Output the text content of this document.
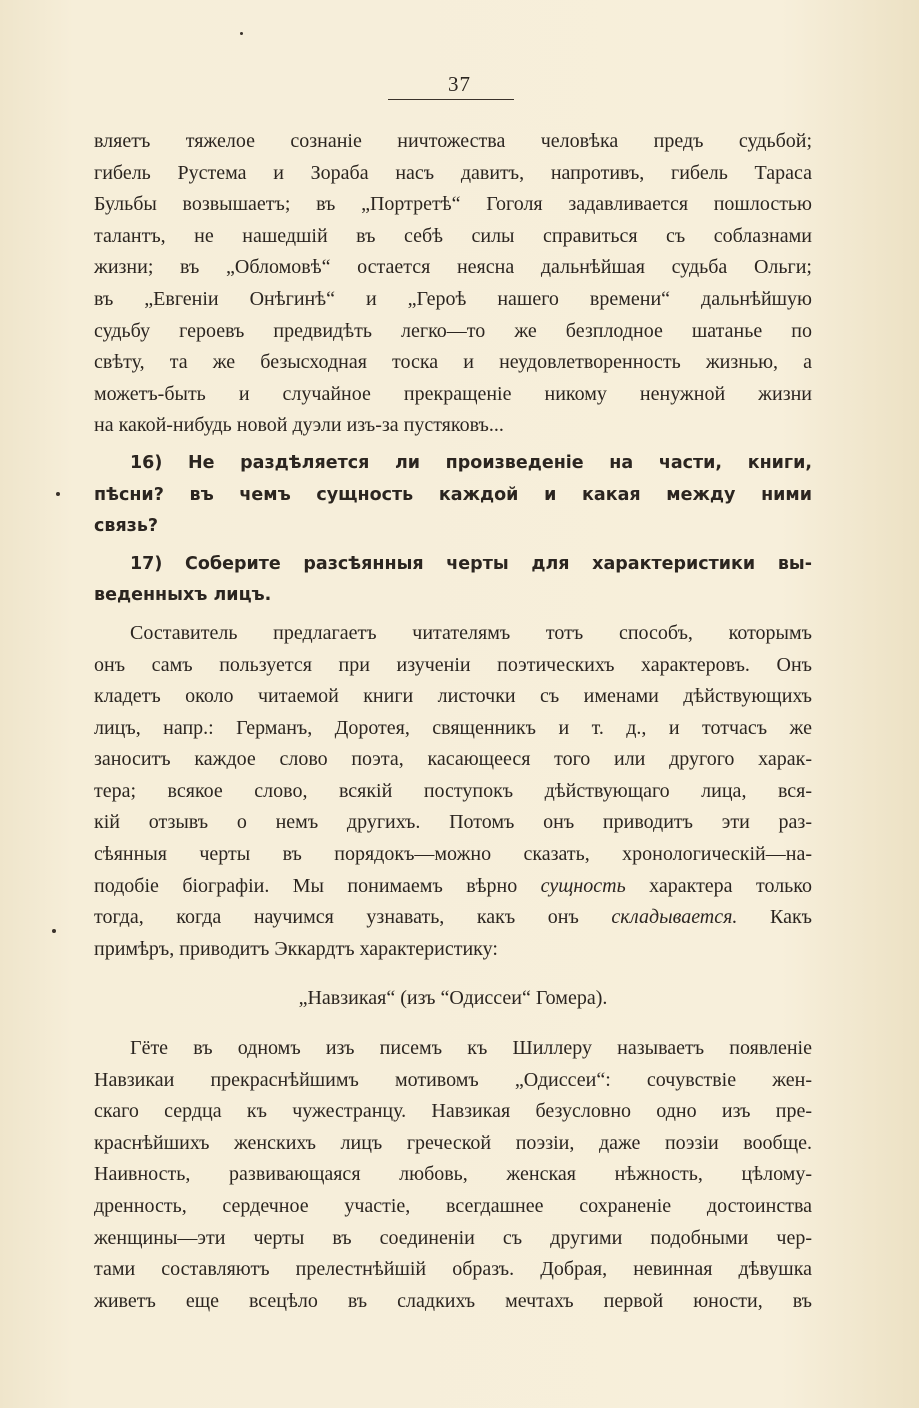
37
вляетъ тяжелое сознанiе ничтожества человѣка предъ судьбой;
гибель Рустема и Зораба насъ давитъ, напротивъ, гибель Тараса
Бульбы возвышаетъ; въ „Портретѣ“ Гоголя задавливается пошлостью
талантъ, не нашедшiй въ себѣ силы справиться съ соблазнами
жизни; въ „Обломовѣ“ остается неясна дальнѣйшая судьба Ольги;
въ „Евгенiи Онѣгинѣ“ и „Героѣ нашего времени“ дальнѣйшую
судьбу героевъ предвидѣть легко—то же безплодное шатанье по
свѣту, та же безысходная тоска и неудовлетворенность жизнью, а
можетъ-быть и случайное прекращенiе никому ненужной жизни
на какой-нибудь новой дуэли изъ-за пустяковъ...
16) Не раздѣляется ли произведенiе на части, книги,
пѣсни? въ чемъ сущность каждой и какая между ними
связь?
17) Соберите разсѣянныя черты для характеристики вы-
веденныхъ лицъ.
Составитель предлагаетъ читателямъ тотъ способъ, которымъ
онъ самъ пользуется при изученiи поэтическихъ характеровъ. Онъ
кладетъ около читаемой книги листочки съ именами дѣйствующихъ
лицъ, напр.: Германъ, Доротея, священникъ и т. д., и тотчасъ же
заноситъ каждое слово поэта, касающееся того или другого харак-
тера; всякое слово, всякiй поступокъ дѣйствующаго лица, вся-
кiй отзывъ о немъ другихъ. Потомъ онъ приводитъ эти раз-
сѣянныя черты въ порядокъ—можно сказать, хронологическiй—на-
подобiе бiографiи. Мы понимаемъ вѣрно сущность характера только
тогда, когда научимся узнавать, какъ онъ складывается. Какъ
примѣръ, приводитъ Эккардтъ характеристику:
„Навзикая“ (изъ “Одиссеи“ Гомера).
Гёте въ одномъ изъ писемъ къ Шиллеру называетъ появленiе
Навзикаи прекраснѣйшимъ мотивомъ „Одиссеи“: сочувствiе жен-
скаго сердца къ чужестранцу. Навзикая безусловно одно изъ пре-
краснѣйшихъ женскихъ лицъ греческой поэзiи, даже поэзiи вообще.
Наивность, развивающаяся любовь, женская нѣжность, цѣлому-
дренность, сердечное участiе, всегдашнее сохраненiе достоинства
женщины—эти черты въ соединенiи съ другими подобными чер-
тами составляютъ прелестнѣйшiй образъ. Добрая, невинная дѣвушка
живетъ еще всецѣло въ сладкихъ мечтахъ первой юности, въ
